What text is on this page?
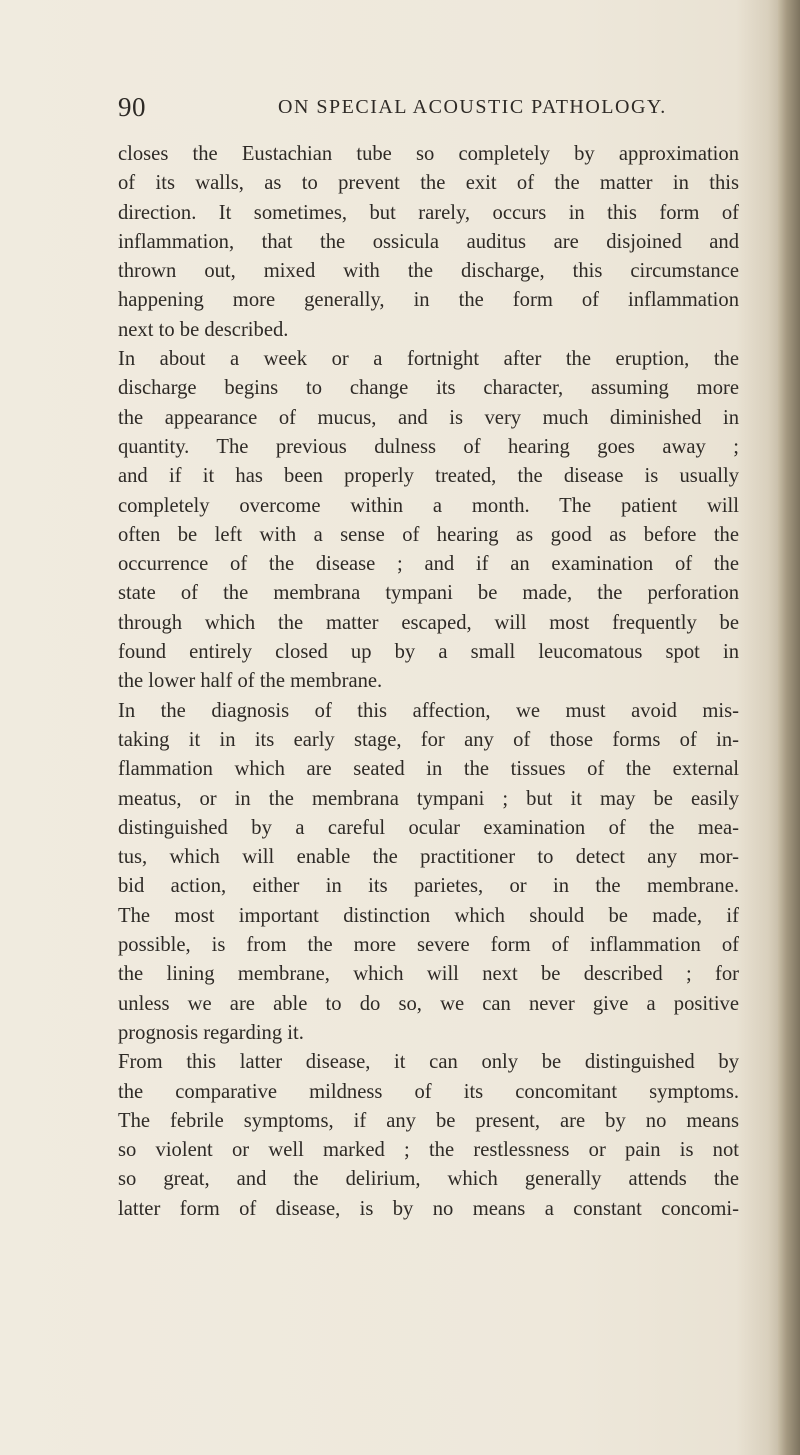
90	ON SPECIAL ACOUSTIC PATHOLOGY.
closes the Eustachian tube so completely by approximation
of its walls, as to prevent the exit of the matter in this
direction. It sometimes, but rarely, occurs in this form of
inflammation, that the ossicula auditus are disjoined and
thrown out, mixed with the discharge, this circumstance
happening more generally, in the form of inflammation
next to be described.
In about a week or a fortnight after the eruption, the
discharge begins to change its character, assuming more
the appearance of mucus, and is very much diminished in
quantity. The previous dulness of hearing goes away ;
and if it has been properly treated, the disease is usually
completely overcome within a month. The patient will
often be left with a sense of hearing as good as before the
occurrence of the disease ; and if an examination of the
state of the membrana tympani be made, the perforation
through which the matter escaped, will most frequently be
found entirely closed up by a small leucomatous spot in
the lower half of the membrane.
In the diagnosis of this affection, we must avoid mis-
taking it in its early stage, for any of those forms of in-
flammation which are seated in the tissues of the external
meatus, or in the membrana tympani ; but it may be easily
distinguished by a careful ocular examination of the mea-
tus, which will enable the practitioner to detect any mor-
bid action, either in its parietes, or in the membrane.
The most important distinction which should be made, if
possible, is from the more severe form of inflammation of
the lining membrane, which will next be described ; for
unless we are able to do so, we can never give a positive
prognosis regarding it.
From this latter disease, it can only be distinguished by
the comparative mildness of its concomitant symptoms.
The febrile symptoms, if any be present, are by no means
so violent or well marked ; the restlessness or pain is not
so great, and the delirium, which generally attends the
latter form of disease, is by no means a constant concomi-
